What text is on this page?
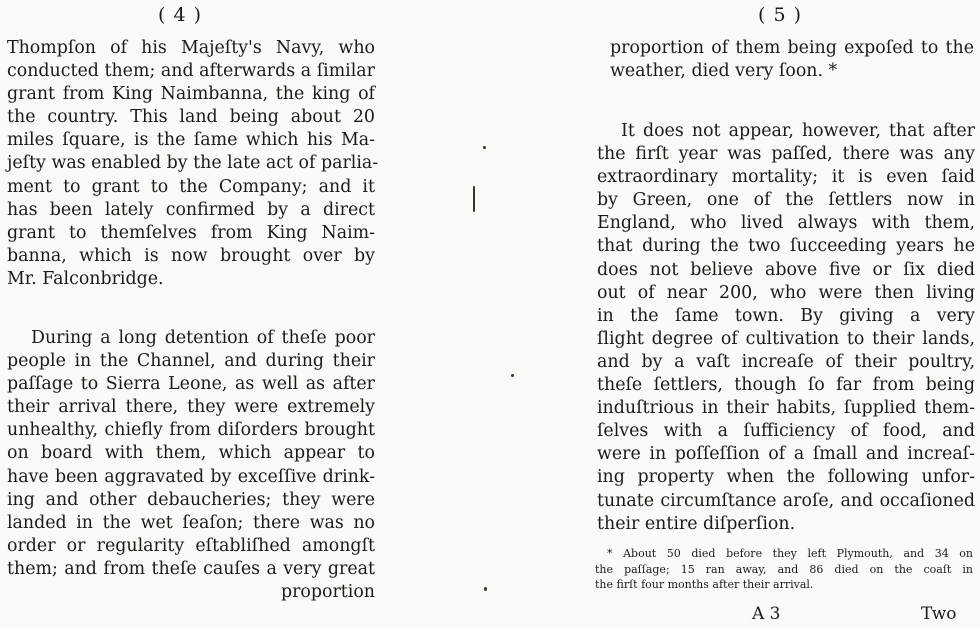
( 4 )
Thompſon of his Majeſty's Navy, who
conducted them; and afterwards a ſimilar
grant from King Naimbanna, the king of
the country. This land being about 20
miles ſquare, is the ſame which his Ma-
jeſty was enabled by the late act of parlia-
ment to grant to the Company; and it
has been lately confirmed by a direct
grant to themſelves from King Naim-
banna, which is now brought over by
Mr. Falconbridge.
During a long detention of theſe poor
people in the Channel, and during their
paſſage to Sierra Leone, as well as after
their arrival there, they were extremely
unhealthy, chiefly from diſorders brought
on board with them, which appear to
have been aggravated by exceſſive drink-
ing and other debaucheries; they were
landed in the wet ſeaſon; there was no
order or regularity eſtabliſhed amongſt
them; and from theſe cauſes a very great
proportion
( 5 )
proportion of them being expoſed to the
weather, died very ſoon. *
It does not appear, however, that after
the firſt year was paſſed, there was any
extraordinary mortality; it is even ſaid
by Green, one of the ſettlers now in
England, who lived always with them,
that during the two ſucceeding years he
does not believe above five or ſix died
out of near 200, who were then living
in the ſame town. By giving a very
ſlight degree of cultivation to their lands,
and by a vaſt increaſe of their poultry,
theſe ſettlers, though ſo far from being
induſtrious in their habits, ſupplied them-
ſelves with a ſufficiency of food, and
were in poſſeſſion of a ſmall and increaſ-
ing property when the following unfor-
tunate circumſtance aroſe, and occaſioned
their entire diſperſion.
* About 50 died before they left Plymouth, and 34 on
the paſſage; 15 ran away, and 86 died on the coaſt in
the firſt four months after their arrival.
A 3	Two
